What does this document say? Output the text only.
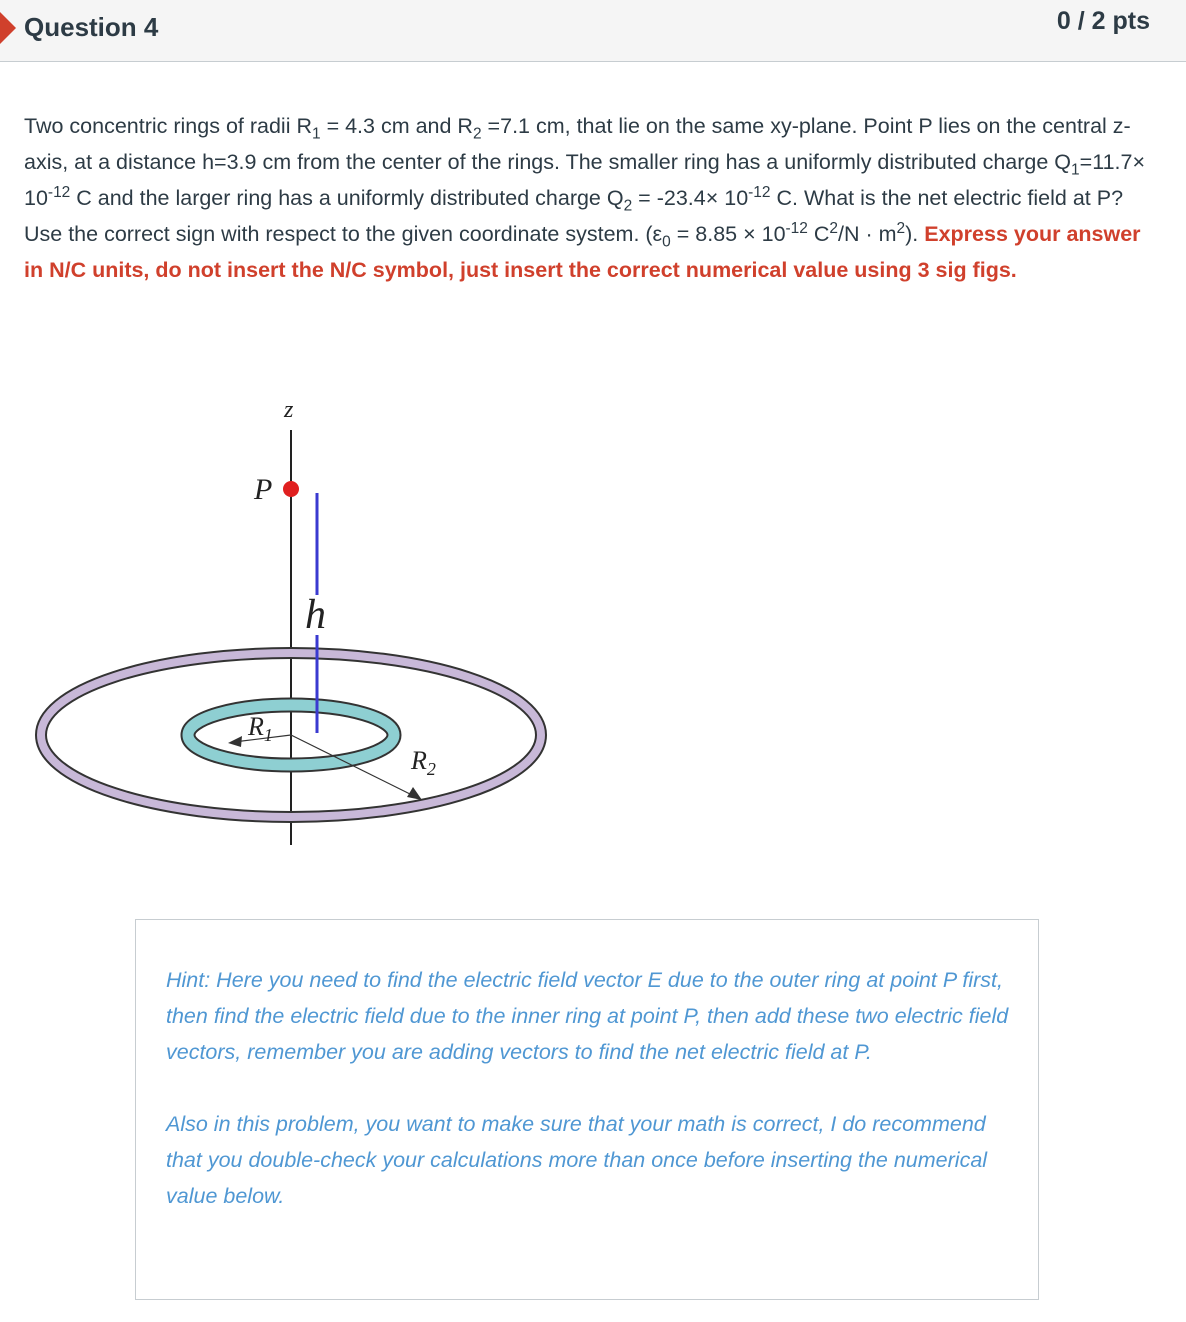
Question 4	0 / 2 pts
Two concentric rings of radii $R_1 = 4.3$ cm and $R_2 =7.1$ cm, that lie on the same xy-plane. Point P lies on the central z-axis, at a distance h=3.9 cm from the center of the rings. The smaller ring has a uniformly distributed charge $Q_1=11.7\times 10^{-12}$ C and the larger ring has a uniformly distributed charge $Q_2 = -23.4\times 10^{-12}$ C. What is the net electric field at P? Use the correct sign with respect to the given coordinate system. ($\varepsilon_0 = 8.85 \times 10^{-12}$ $C^2/N \cdot m^2$). Express your answer in N/C units, do not insert the N/C symbol, just insert the correct numerical value using 3 sig figs.
z
h
P
$R_1$
$R_2$

Hint: Here you need to find the electric field vector E due to the outer ring at point P first, then find the electric field due to the inner ring at point P, then add these two electric field vectors, remember you are adding vectors to find the net electric field at P.

Also in this problem, you want to make sure that your math is correct, I do recommend that you double-check your calculations more than once before inserting the numerical value below.
